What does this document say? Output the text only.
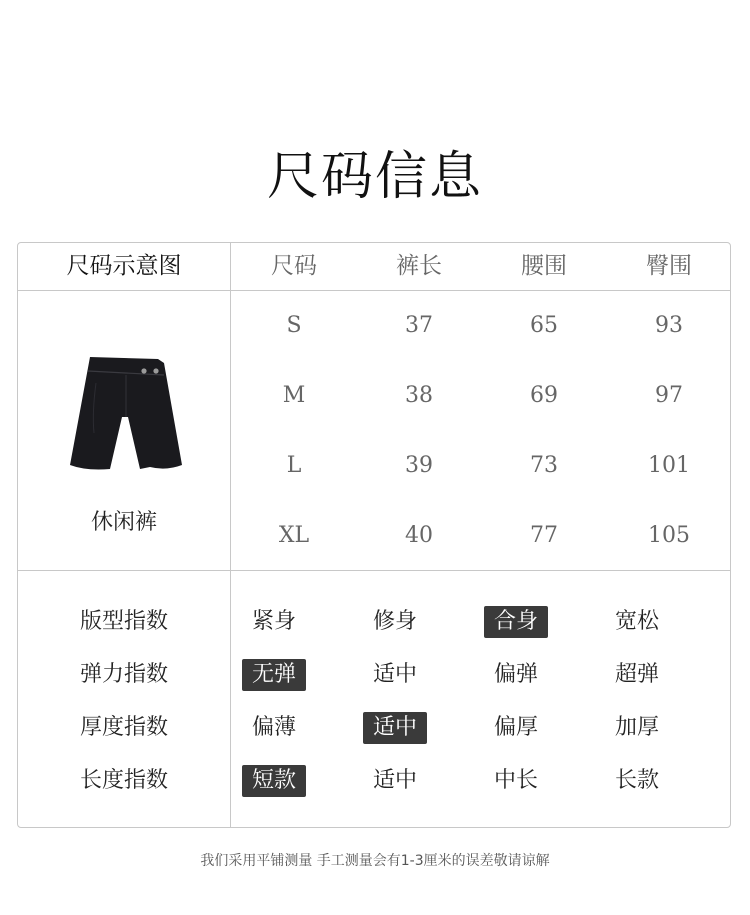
尺码信息
尺码示意图	尺码	裤长	腰围	臀围
S	37	65	93
M	38	69	97
L	39	73	101
XL	40	77	105
休闲裤
版型指数	紧身	修身	合身	宽松
弹力指数	无弹	适中	偏弹	超弹
厚度指数	偏薄	适中	偏厚	加厚
长度指数	短款	适中	中长	长款
我们采用平铺测量 手工测量会有1-3厘米的误差敬请谅解
